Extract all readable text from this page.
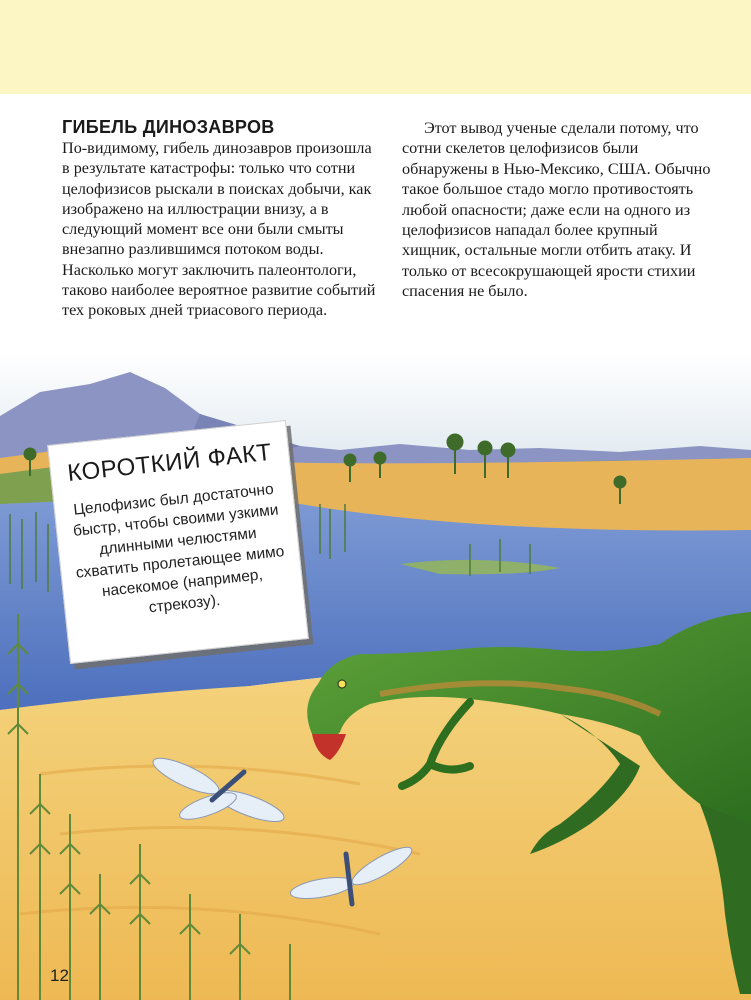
ГИБЕЛЬ ДИНОЗАВРОВ

По-видимому, гибель динозавров произошла в результате катастрофы: только что сотни целофизисов рыскали в поисках добычи, как изображено на иллюстрации внизу, а в следующий момент все они были смыты внезапно разлившимся потоком воды. Насколько могут заключить палеонтологи, таково наиболее вероятное развитие событий тех роковых дней триасового периода.

Этот вывод ученые сделали потому, что сотни скелетов целофизисов были обнаружены в Нью-Мексико, США. Обычно такое большое стадо могло противостоять любой опасности; даже если на одного из целофизисов нападал более крупный хищник, остальные могли отбить атаку. И только от всесокрушающей ярости стихии спасения не было.

КОРОТКИЙ ФАКТ

Целофизис был достаточно быстр, чтобы своими узкими длинными челюстями схватить пролетающее мимо насекомое (например, стрекозу).

12
